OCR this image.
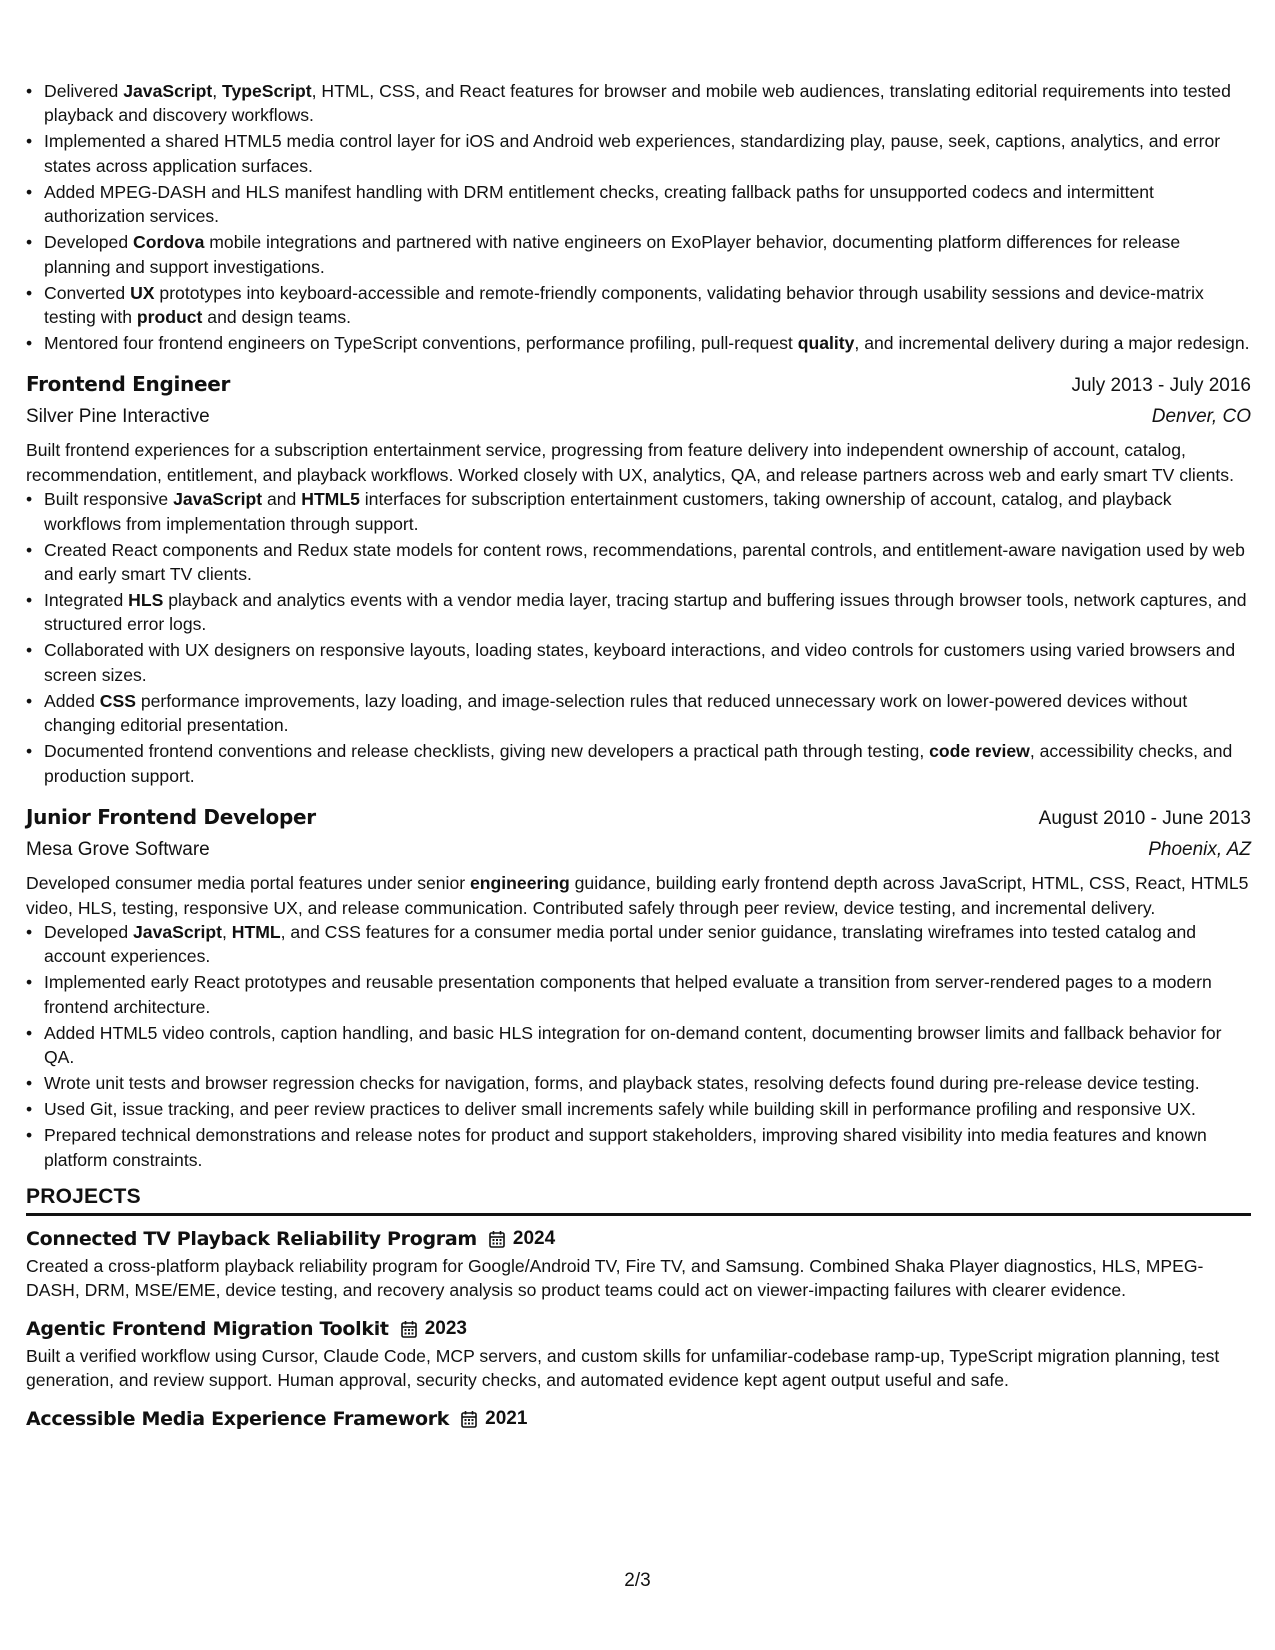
• Delivered JavaScript, TypeScript, HTML, CSS, and React features for browser and mobile web audiences, translating editorial requirements into tested playback and discovery workflows.
• Implemented a shared HTML5 media control layer for iOS and Android web experiences, standardizing play, pause, seek, captions, analytics, and error states across application surfaces.
• Added MPEG-DASH and HLS manifest handling with DRM entitlement checks, creating fallback paths for unsupported codecs and intermittent authorization services.
• Developed Cordova mobile integrations and partnered with native engineers on ExoPlayer behavior, documenting platform differences for release planning and support investigations.
• Converted UX prototypes into keyboard-accessible and remote-friendly components, validating behavior through usability sessions and device-matrix testing with product and design teams.
• Mentored four frontend engineers on TypeScript conventions, performance profiling, pull-request quality, and incremental delivery during a major redesign.
Frontend Engineer	July 2013 - July 2016
Silver Pine Interactive	Denver, CO

Built frontend experiences for a subscription entertainment service, progressing from feature delivery into independent ownership of account, catalog, recommendation, entitlement, and playback workflows. Worked closely with UX, analytics, QA, and release partners across web and early smart TV clients.

• Built responsive JavaScript and HTML5 interfaces for subscription entertainment customers, taking ownership of account, catalog, and playback workflows from implementation through support.
• Created React components and Redux state models for content rows, recommendations, parental controls, and entitlement-aware navigation used by web and early smart TV clients.
• Integrated HLS playback and analytics events with a vendor media layer, tracing startup and buffering issues through browser tools, network captures, and structured error logs.
• Collaborated with UX designers on responsive layouts, loading states, keyboard interactions, and video controls for customers using varied browsers and screen sizes.
• Added CSS performance improvements, lazy loading, and image-selection rules that reduced unnecessary work on lower-powered devices without changing editorial presentation.
• Documented frontend conventions and release checklists, giving new developers a practical path through testing, code review, accessibility checks, and production support.
Junior Frontend Developer	August 2010 - June 2013
Mesa Grove Software	Phoenix, AZ

Developed consumer media portal features under senior engineering guidance, building early frontend depth across JavaScript, HTML, CSS, React, HTML5 video, HLS, testing, responsive UX, and release communication. Contributed safely through peer review, device testing, and incremental delivery.

• Developed JavaScript, HTML, and CSS features for a consumer media portal under senior guidance, translating wireframes into tested catalog and account experiences.
• Implemented early React prototypes and reusable presentation components that helped evaluate a transition from server-rendered pages to a modern frontend architecture.
• Added HTML5 video controls, caption handling, and basic HLS integration for on-demand content, documenting browser limits and fallback behavior for QA.
• Wrote unit tests and browser regression checks for navigation, forms, and playback states, resolving defects found during pre-release device testing.
• Used Git, issue tracking, and peer review practices to deliver small increments safely while building skill in performance profiling and responsive UX.
• Prepared technical demonstrations and release notes for product and support stakeholders, improving shared visibility into media features and known platform constraints.
PROJECTS
Connected TV Playback Reliability Program 2024

Created a cross-platform playback reliability program for Google/Android TV, Fire TV, and Samsung. Combined Shaka Player diagnostics, HLS, MPEG-DASH, DRM, MSE/EME, device testing, and recovery analysis so product teams could act on viewer-impacting failures with clearer evidence.

Agentic Frontend Migration Toolkit 2023

Built a verified workflow using Cursor, Claude Code, MCP servers, and custom skills for unfamiliar-codebase ramp-up, TypeScript migration planning, test generation, and review support. Human approval, security checks, and automated evidence kept agent output useful and safe.

Accessible Media Experience Framework 2021
2/3
